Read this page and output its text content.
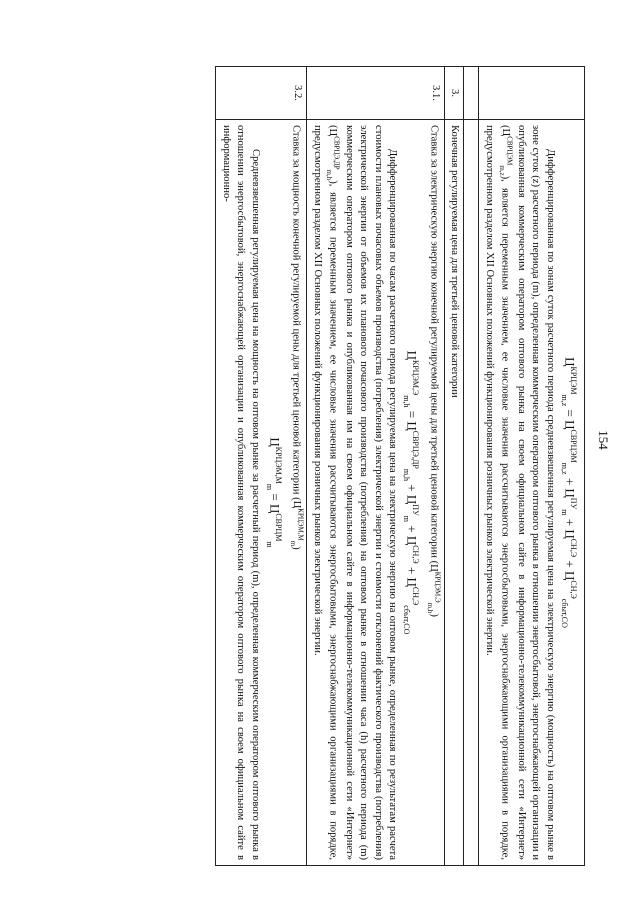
154

	$Ц^{КРЦЭМ}_{m,z} = Ц^{СВРЦЭМ}_{m,z} + Ц^{ПУ}_m + Ц^{СН,Э} + Ц^{СН,Э}_{сбыт,СО}$

Дифференцированная по зонам суток расчетного периода средневзвешенная регулируемая цена на электрическую энергию (мощность) на оптовом рынке в зоне суток (z) расчетного периода (m), определенная коммерческим оператором оптового рынка в отношении энергосбытовой, энергоснабжающей организации и опубликованная коммерческим оператором оптового рынка на своем официальном сайте в информационно-телекоммуникационной сети «Интернет» $(Ц^{СВРЦЭМ}_{m,z})$, является переменным значением, ее числовые значения рассчитываются энергосбытовыми, энергоснабжающими организациями в порядке, предусмотренном разделом XII Основных положений функционирования розничных рынков электрической энергии.

3.	Конечная регулируемая цена для третьей ценовой категории
3.1.	Ставка за электрическую энергию конечной регулируемой цены для третьей ценовой категории $(Ц^{КРЦЭМ,Э}_{m,h})$

$Ц^{КРЦЭМ,Э}_{m,h} = Ц^{СВРЦЭ,ДР}_{m,h} + Ц^{ПУ}_m + Ц^{СН,Э} + Ц^{СН,Э}_{сбыт,СО}$

Дифференцированная по часам расчетного периода регулируемая цена на электрическую энергию на оптовом рынке, определенная по результатам расчета стоимости плановых почасовых объемов производства (потребления) электрической энергии и стоимости отклонений фактического производства (потребления) электрической энергии от объемов их планового почасового производства (потребления) на оптовом рынке в отношении часа (h) расчетного периода (m) коммерческим оператором оптового рынка и опубликованная им на своем официальном сайте в информационно-телекоммуникационной сети «Интернет» $(Ц^{СВРЦЭ,ДР}_{m,h})$, является переменным значением, ее числовые значения рассчитываются энергосбытовыми, энергоснабжающими организациями в порядке, предусмотренном разделом XII Основных положений функционирования розничных рынков электрической энергии.

3.2.	Ставка за мощность конечной регулируемой цены для третьей ценовой категории $(Ц^{КРЦЭМ,М}_m)$

$Ц^{КРЦЭМ,М}_m = Ц^{СВРЦМ}_m$

Средневзвешенная регулируемая цена на мощность на оптовом рынке за расчетный период (m), определенная коммерческим оператором оптового рынка в отношении энергосбытовой, энергоснабжающей организации и опубликованная коммерческим оператором оптового рынка на своем официальном сайте в информационно-
